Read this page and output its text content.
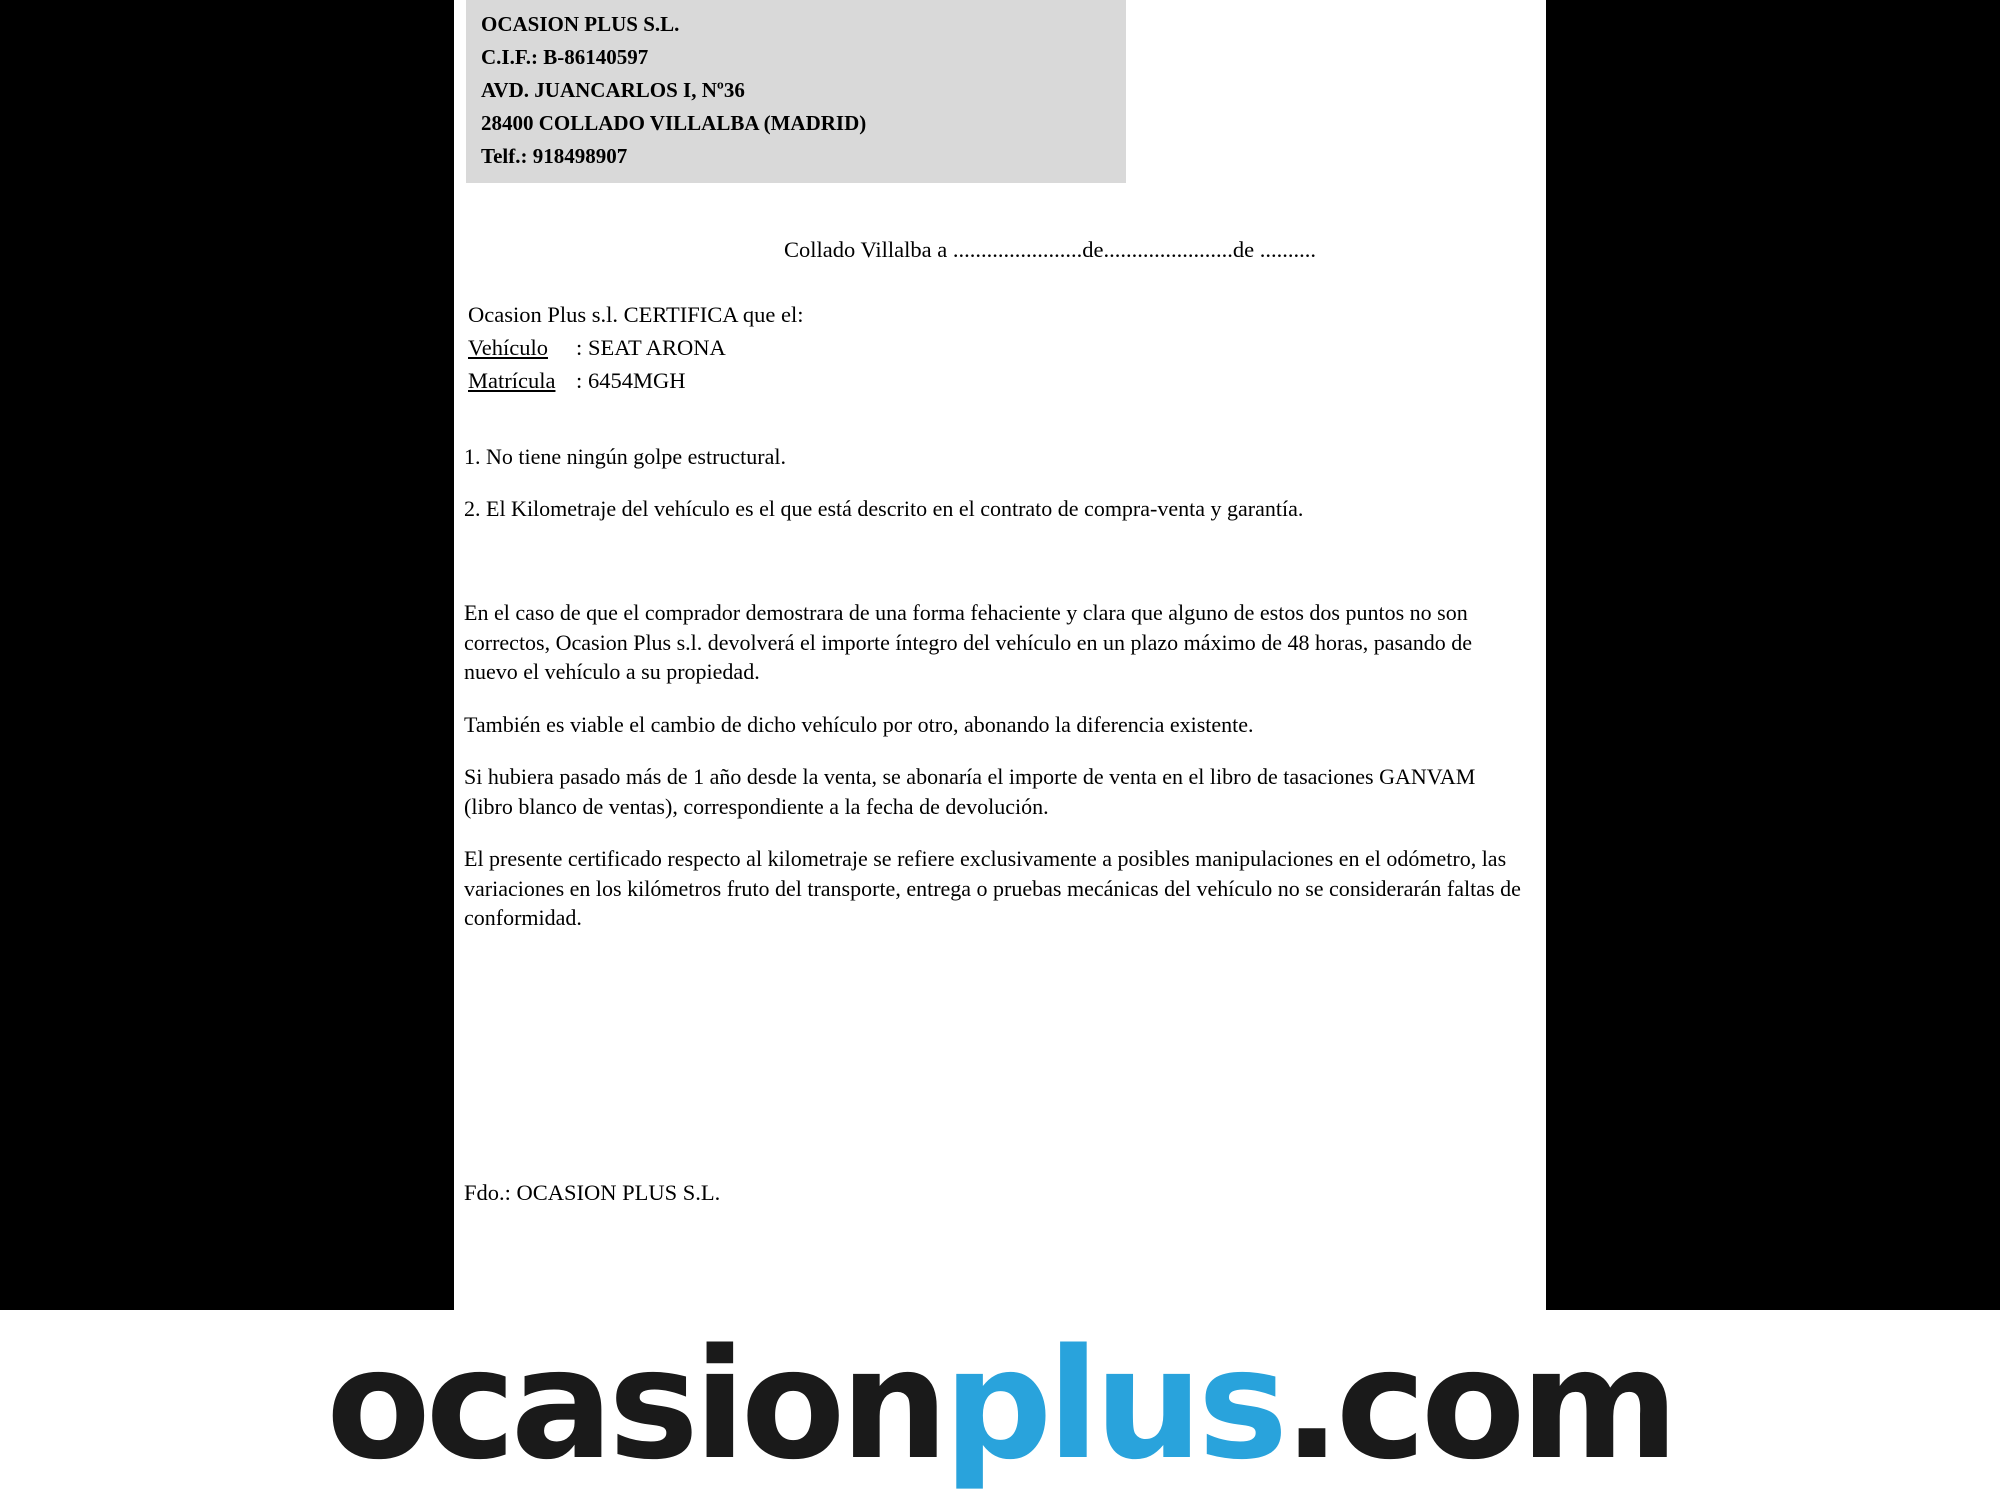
OCASION PLUS S.L.
C.I.F.: B-86140597
AVD. JUANCARLOS I, Nº36
28400 COLLADO VILLALBA (MADRID)
Telf.: 918498907
Collado Villalba a .......................de.......................de ..........
Ocasion Plus s.l. CERTIFICA que el:
Vehículo	: SEAT ARONA
Matrícula : 6454MGH
1. No tiene ningún golpe estructural.
2. El Kilometraje del vehículo es el que está descrito en el contrato de compra-venta y garantía.
En el caso de que el comprador demostrara de una forma fehaciente y clara que alguno de estos dos puntos no son correctos, Ocasion Plus s.l. devolverá el importe íntegro del vehículo en un plazo máximo de 48 horas, pasando de nuevo el vehículo a su propiedad.
También es viable el cambio de dicho vehículo por otro, abonando la diferencia existente.
Si hubiera pasado más de 1 año desde la venta, se abonaría el importe de venta en el libro de tasaciones GANVAM (libro blanco de ventas), correspondiente a la fecha de devolución.
El presente certificado respecto al kilometraje se refiere exclusivamente a posibles manipulaciones en el odómetro, las variaciones en los kilómetros fruto del transporte, entrega o pruebas mecánicas del vehículo no se considerarán faltas de conformidad.
Fdo.: OCASION PLUS S.L.
ocasion plus .com
